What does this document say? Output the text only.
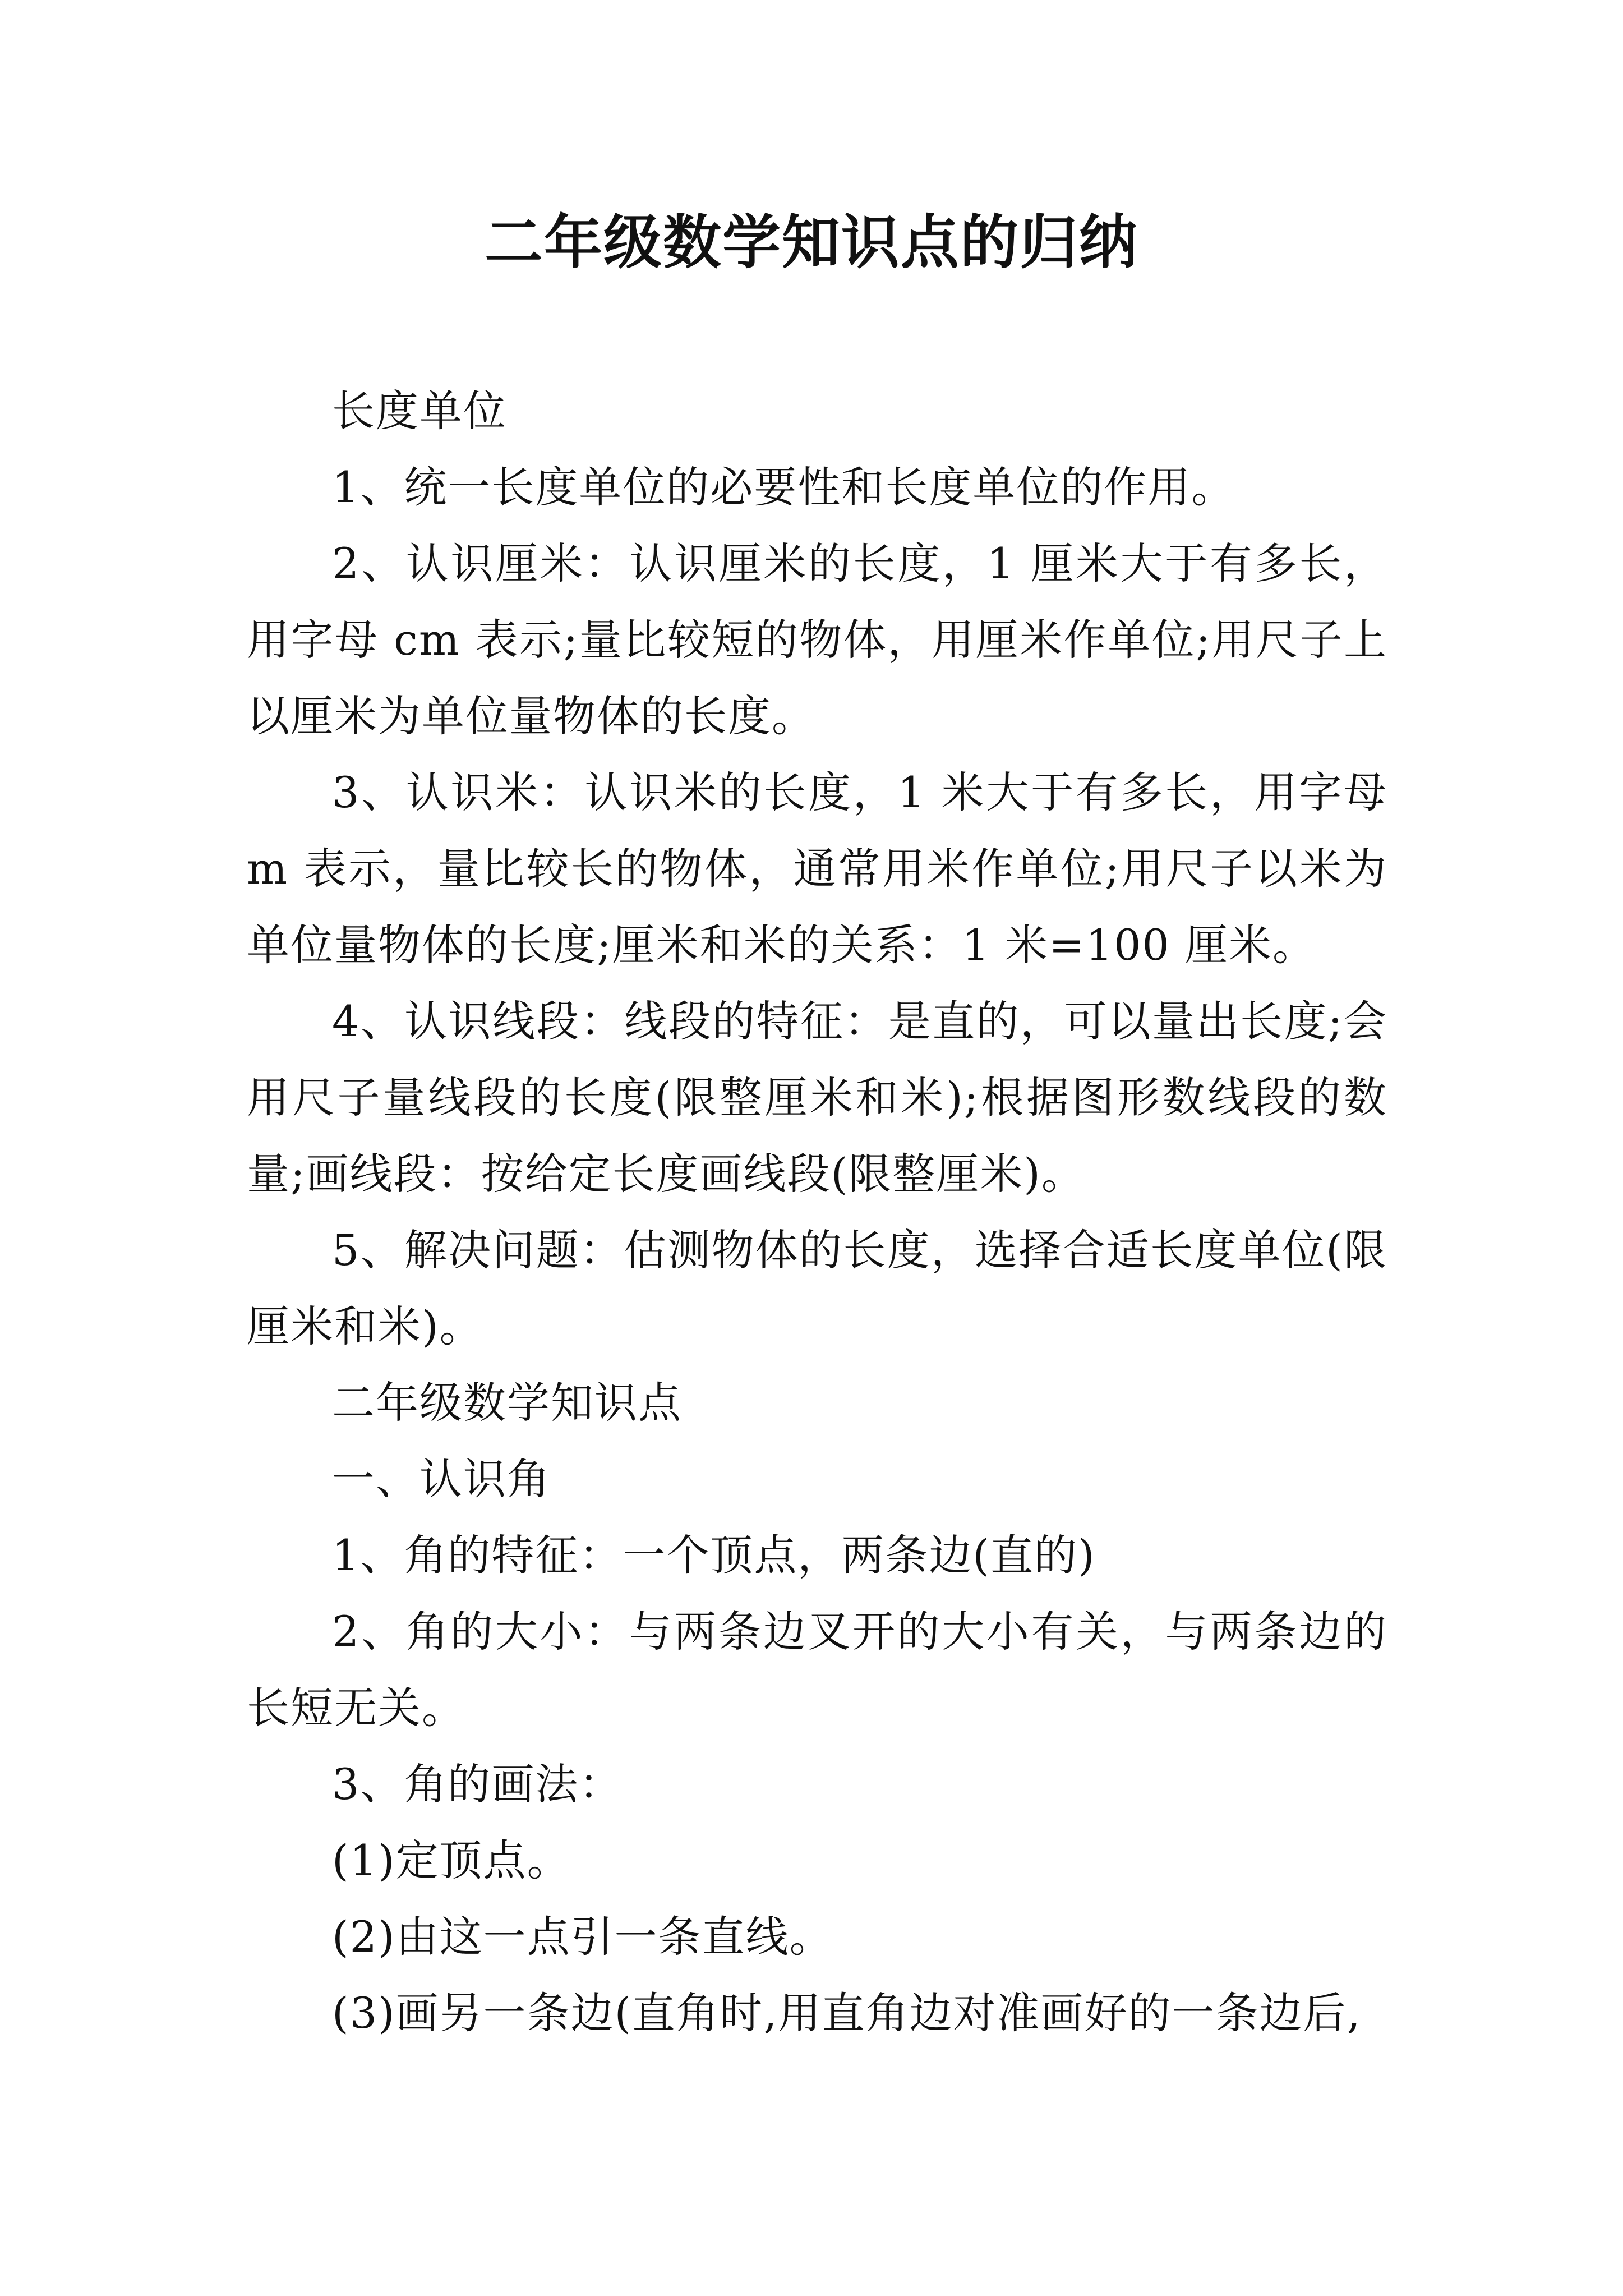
二年级数学知识点的归纳

长度单位

1、统一长度单位的必要性和长度单位的作用。

2、认识厘米：认识厘米的长度，1 厘米大于有多长，用字母 cm 表示;量比较短的物体，用厘米作单位;用尺子上以厘米为单位量物体的长度。

3、认识米：认识米的长度，1 米大于有多长，用字母 m 表示，量比较长的物体，通常用米作单位;用尺子以米为单位量物体的长度;厘米和米的关系：1 米=100 厘米。

4、认识线段：线段的特征：是直的，可以量出长度;会用尺子量线段的长度(限整厘米和米);根据图形数线段的数量;画线段：按给定长度画线段(限整厘米)。

5、解决问题：估测物体的长度，选择合适长度单位(限厘米和米)。

二年级数学知识点

一、认识角

1、角的特征：一个顶点，两条边(直的)

2、角的大小：与两条边叉开的大小有关，与两条边的长短无关。

3、角的画法：

(1)定顶点。

(2)由这一点引一条直线。

(3)画另一条边(直角时,用直角边对准画好的一条边后,
